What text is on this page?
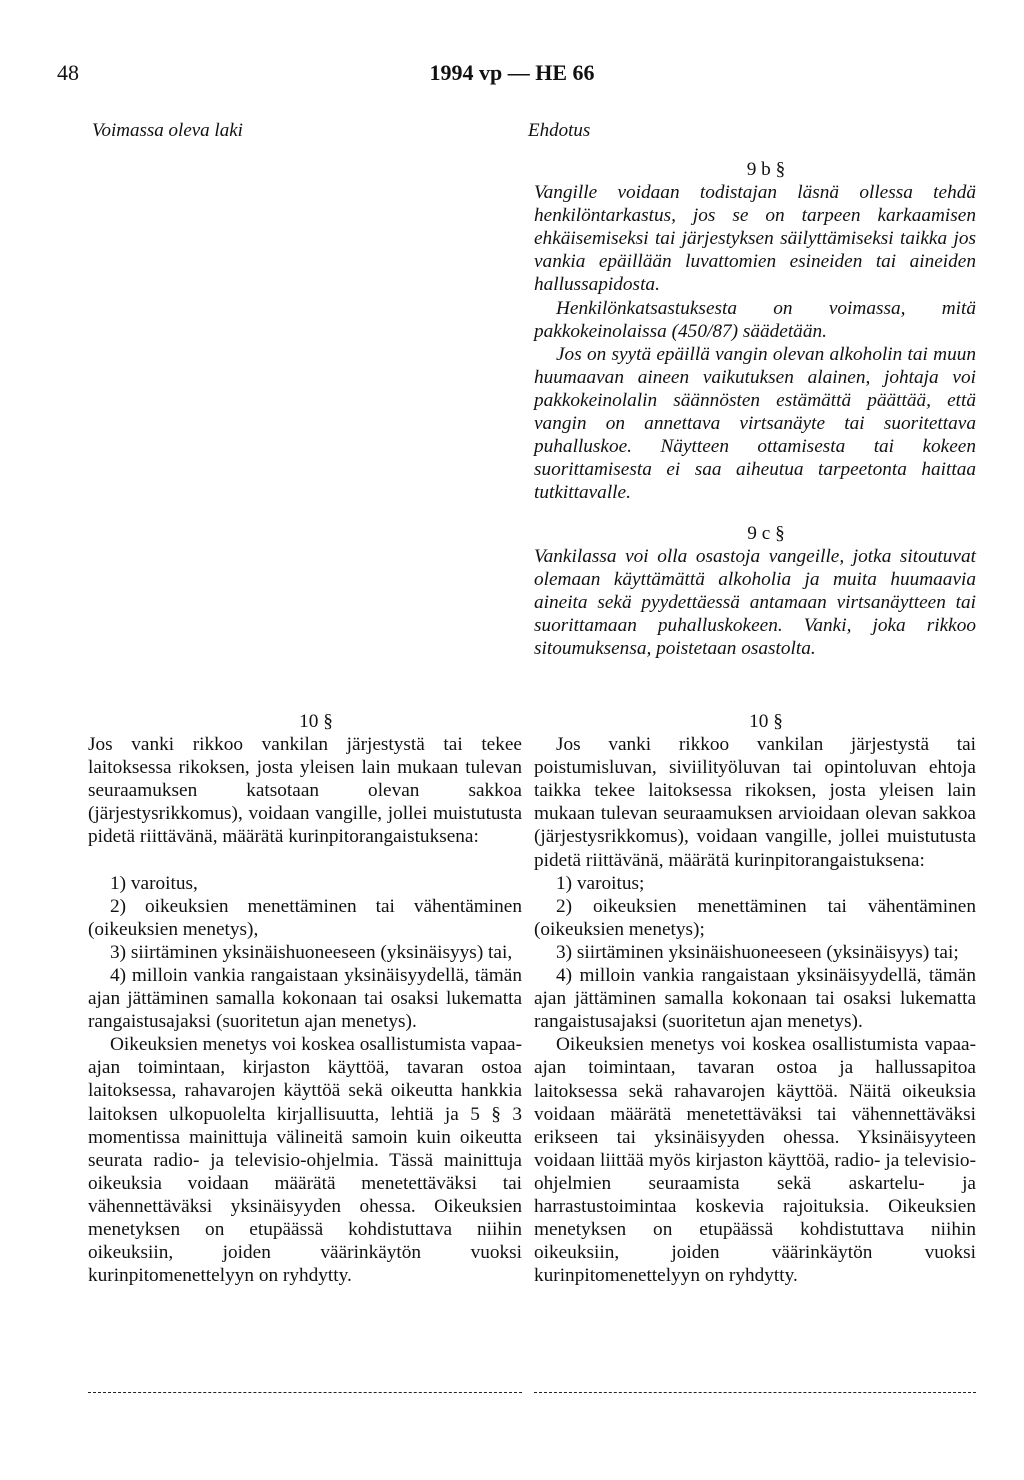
48	1994 vp — HE 66
Voimassa oleva laki	Ehdotus

9 b §

Vangille voidaan todistajan läsnä ollessa tehdä henkilöntarkastus, jos se on tarpeen karkaamisen ehkäisemiseksi tai järjestyksen säilyttämiseksi taikka jos vankia epäillään luvattomien esineiden tai aineiden hallussapidosta.

Henkilönkatsastuksesta on voimassa, mitä pakkokeinolaissa (450/87) säädetään.

Jos on syytä epäillä vangin olevan alkoholin tai muun huumaavan aineen vaikutuksen alainen, johtaja voi pakkokeinolalin säännösten estämättä päättää, että vangin on annettava virtsanäyte tai suoritettava puhalluskoe. Näytteen ottamisesta tai kokeen suorittamisesta ei saa aiheutua tarpeetonta haittaa tutkittavalle.

9 c §

Vankilassa voi olla osastoja vangeille, jotka sitoutuvat olemaan käyttämättä alkoholia ja muita huumaavia aineita sekä pyydettäessä antamaan virtsanäytteen tai suorittamaan puhalluskokeen. Vanki, joka rikkoo sitoumuksensa, poistetaan osastolta.

10 §

Jos vanki rikkoo vankilan järjestystä tai tekee laitoksessa rikoksen, josta yleisen lain mukaan tulevan seuraamuksen katsotaan olevan sakkoa (järjestysrikkomus), voidaan vangille, jollei muistutusta pidetä riittävänä, määrätä kurinpitorangaistuksena:

1) varoitus,

2) oikeuksien menettäminen tai vähentäminen (oikeuksien menetys),

3) siirtäminen yksinäishuoneeseen (yksinäisyys) tai,

4) milloin vankia rangaistaan yksinäisyydellä, tämän ajan jättäminen samalla kokonaan tai osaksi lukematta rangaistusajaksi (suoritetun ajan menetys).

Oikeuksien menetys voi koskea osallistumista vapaa-ajan toimintaan, kirjaston käyttöä, tavaran ostoa laitoksessa, rahavarojen käyttöä sekä oikeutta hankkia laitoksen ulkopuolelta kirjallisuutta, lehtiä ja 5 § 3 momentissa mainittuja välineitä samoin kuin oikeutta seurata radio- ja televisio-ohjelmia. Tässä mainittuja oikeuksia voidaan määrätä menetettäväksi tai vähennettäväksi yksinäisyyden ohessa. Oikeuksien menetyksen on etupäässä kohdistuttava niihin oikeuksiin, joiden väärinkäytön vuoksi kurinpitomenettelyyn on ryhdytty.

10 §

Jos vanki rikkoo vankilan järjestystä tai poistumisluvan, siviilityöluvan tai opintoluvan ehtoja taikka tekee laitoksessa rikoksen, josta yleisen lain mukaan tulevan seuraamuksen arvioidaan olevan sakkoa (järjestysrikkomus), voidaan vangille, jollei muistutusta pidetä riittävänä, määrätä kurinpitorangaistuksena:

1) varoitus;

2) oikeuksien menettäminen tai vähentäminen (oikeuksien menetys);

3) siirtäminen yksinäishuoneeseen (yksinäisyys) tai;

4) milloin vankia rangaistaan yksinäisyydellä, tämän ajan jättäminen samalla kokonaan tai osaksi lukematta rangaistusajaksi (suoritetun ajan menetys).

Oikeuksien menetys voi koskea osallistumista vapaa-ajan toimintaan, tavaran ostoa ja hallussapitoa laitoksessa sekä rahavarojen käyttöä. Näitä oikeuksia voidaan määrätä menetettäväksi tai vähennettäväksi erikseen tai yksinäisyyden ohessa. Yksinäisyyteen voidaan liittää myös kirjaston käyttöä, radio- ja televisio-ohjelmien seuraamista sekä askartelu- ja harrastustoimintaa koskevia rajoituksia. Oikeuksien menetyksen on etupäässä kohdistuttava niihin oikeuksiin, joiden väärinkäytön vuoksi kurinpitomenettelyyn on ryhdytty.
